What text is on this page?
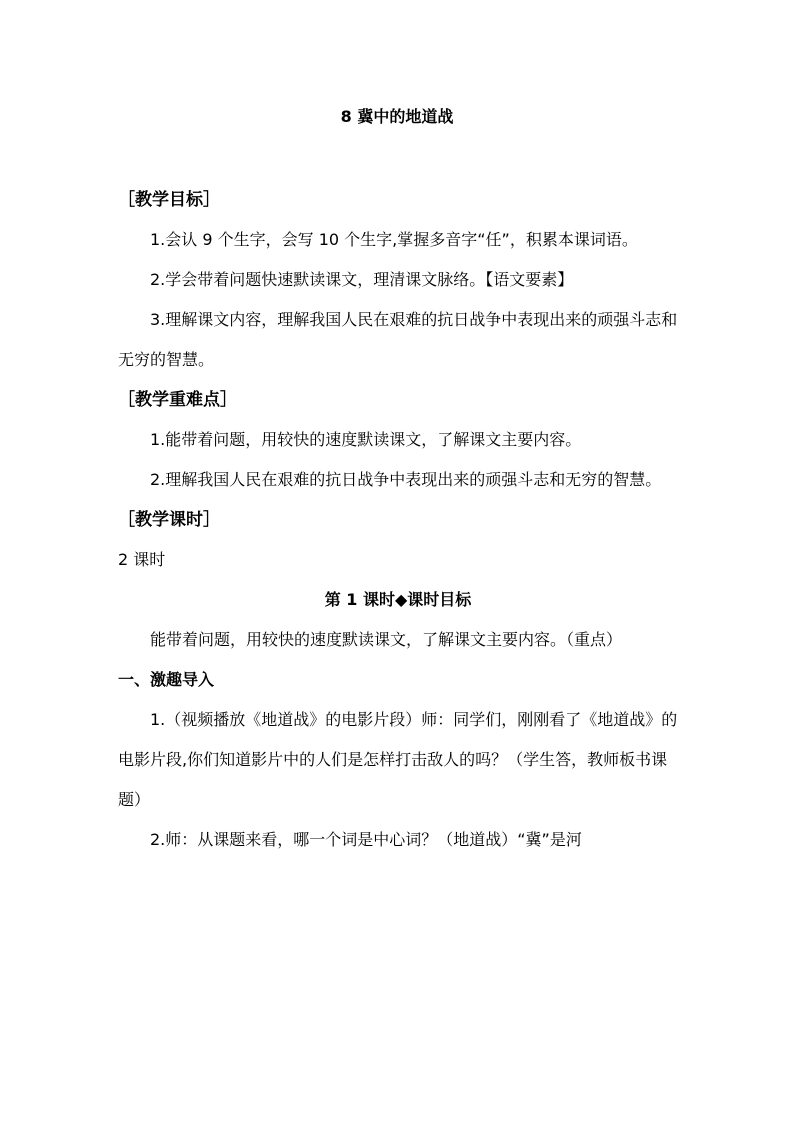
8 冀中的地道战

［教学目标］

1.会认 9 个生字，会写 10 个生字,掌握多音字“任”，积累本课词语。

2.学会带着问题快速默读课文，理清课文脉络。【语文要素】

3.理解课文内容，理解我国人民在艰难的抗日战争中表现出来的顽强斗志和无穷的智慧。

［教学重难点］

1.能带着问题，用较快的速度默读课文，了解课文主要内容。

2.理解我国人民在艰难的抗日战争中表现出来的顽强斗志和无穷的智慧。

［教学课时］

2 课时

第 1 课时◆课时目标

能带着问题，用较快的速度默读课文，了解课文主要内容。（重点）

一、激趣导入

1.（视频播放《地道战》的电影片段）师：同学们，刚刚看了《地道战》的电影片段,你们知道影片中的人们是怎样打击敌人的吗？（学生答，教师板书课题）

2.师：从课题来看，哪一个词是中心词？（地道战）“冀”是河
